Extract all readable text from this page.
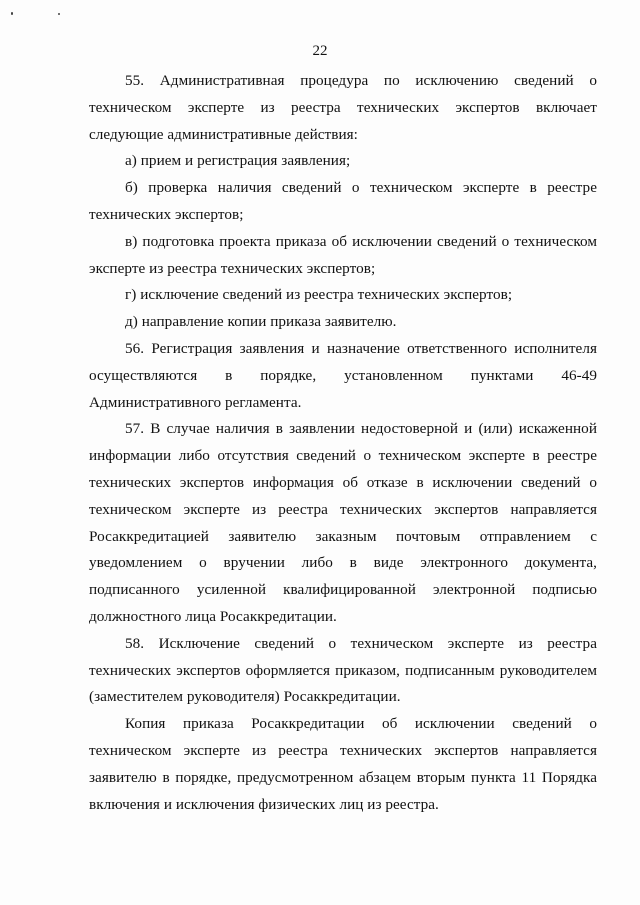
22

55. Административная процедура по исключению сведений о техническом эксперте из реестра технических экспертов включает следующие административные действия:

а) прием и регистрация заявления;

б) проверка наличия сведений о техническом эксперте в реестре технических экспертов;

в) подготовка проекта приказа об исключении сведений о техническом эксперте из реестра технических экспертов;

г) исключение сведений из реестра технических экспертов;

д) направление копии приказа заявителю.

56. Регистрация заявления и назначение ответственного исполнителя осуществляются в порядке, установленном пунктами 46-49 Административного регламента.

57. В случае наличия в заявлении недостоверной и (или) искаженной информации либо отсутствия сведений о техническом эксперте в реестре технических экспертов информация об отказе в исключении сведений о техническом эксперте из реестра технических экспертов направляется Росаккредитацией заявителю заказным почтовым отправлением с уведомлением о вручении либо в виде электронного документа, подписанного усиленной квалифицированной электронной подписью должностного лица Росаккредитации.

58. Исключение сведений о техническом эксперте из реестра технических экспертов оформляется приказом, подписанным руководителем (заместителем руководителя) Росаккредитации.

Копия приказа Росаккредитации об исключении сведений о техническом эксперте из реестра технических экспертов направляется заявителю в порядке, предусмотренном абзацем вторым пункта 11 Порядка включения и исключения физических лиц из реестра.
